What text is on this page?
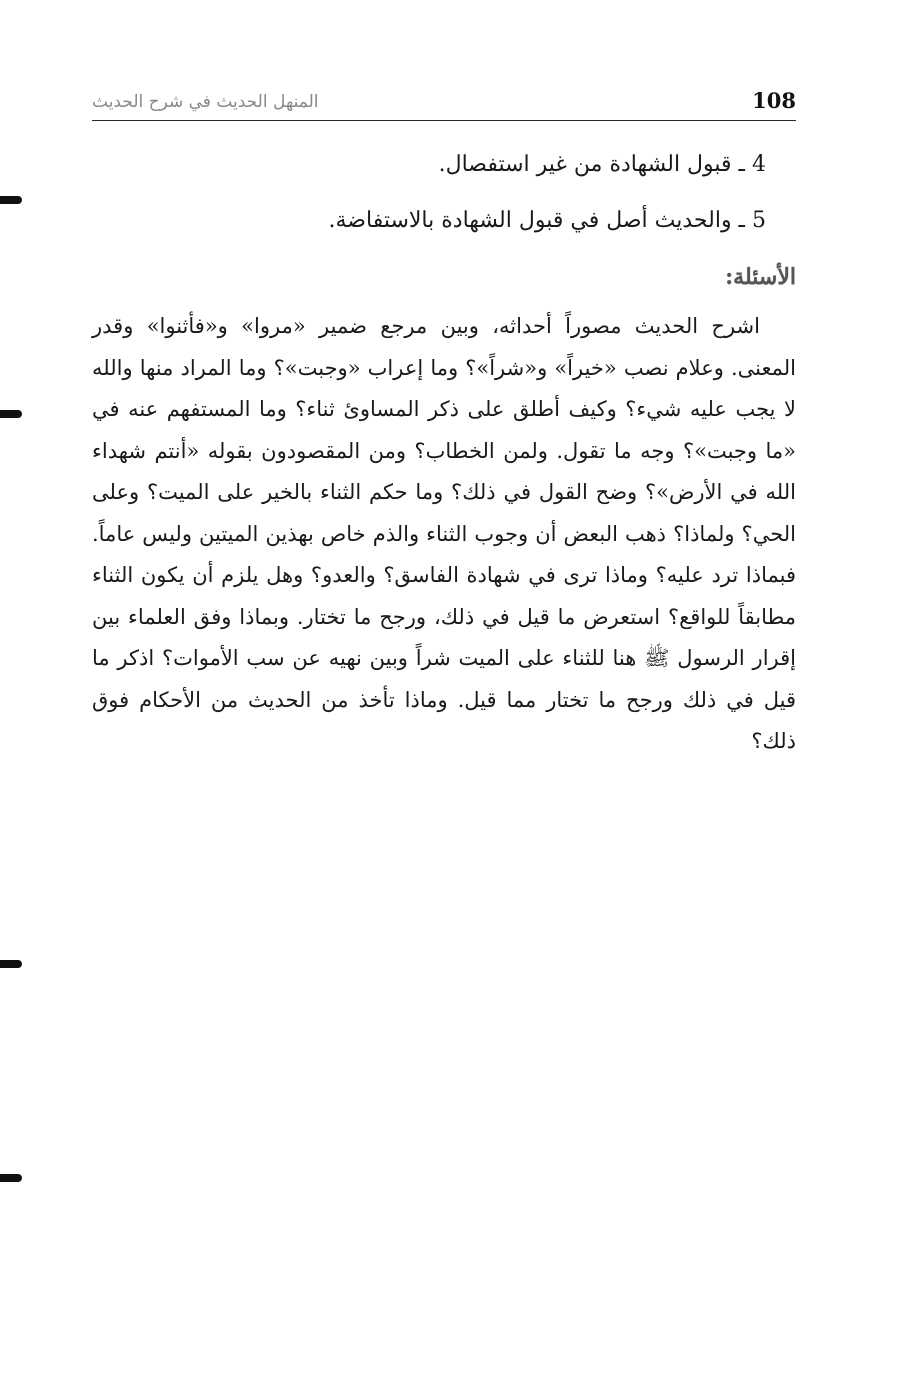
108
المنهل الحديث في شرح الحديث

4 ـ قبول الشهادة من غير استفصال.

5 ـ والحديث أصل في قبول الشهادة بالاستفاضة.

الأسئلة:

اشرح الحديث مصوراً أحداثه، وبين مرجع ضمير «مروا» و«فأثنوا» وقدر المعنى. وعلام نصب «خيراً» و«شراً»؟ وما إعراب «وجبت»؟ وما المراد منها والله لا يجب عليه شيء؟ وكيف أطلق على ذكر المساوئ ثناء؟ وما المستفهم عنه في «ما وجبت»؟ وجه ما تقول. ولمن الخطاب؟ ومن المقصودون بقوله «أنتم شهداء الله في الأرض»؟ وضح القول في ذلك؟ وما حكم الثناء بالخير على الميت؟ وعلى الحي؟ ولماذا؟ ذهب البعض أن وجوب الثناء والذم خاص بهذين الميتين وليس عاماً. فبماذا ترد عليه؟ وماذا ترى في شهادة الفاسق؟ والعدو؟ وهل يلزم أن يكون الثناء مطابقاً للواقع؟ استعرض ما قيل في ذلك، ورجح ما تختار. وبماذا وفق العلماء بين إقرار الرسول ﷺ هنا للثناء على الميت شراً وبين نهيه عن سب الأموات؟ اذكر ما قيل في ذلك ورجح ما تختار مما قيل. وماذا تأخذ من الحديث من الأحكام فوق ذلك؟
